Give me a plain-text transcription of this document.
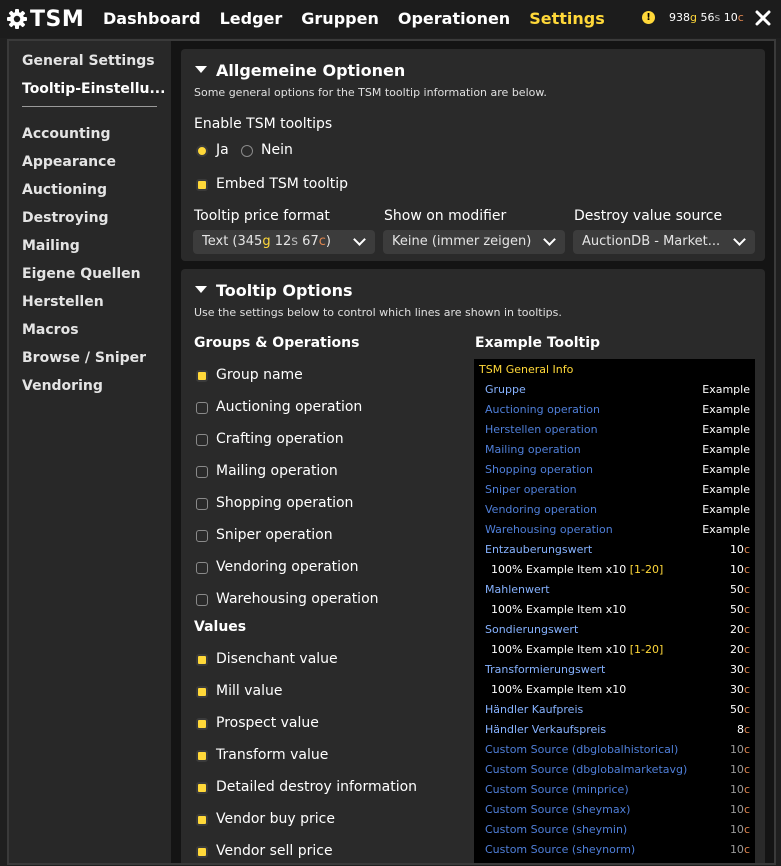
TSM Dashboard Ledger Gruppen Operationen Settings	!	938 g
56 s
10 c
General Settings
Tooltip-Einstellu...
Accounting
Appearance
Auctioning
Destroying
Mailing
Eigene Quellen
Herstellen
Macros
Browse / Sniper
Vendoring
Allgemeine Optionen
Some general options for the TSM tooltip information are below.
Enable TSM tooltips
Ja Nein
Embed TSM tooltip
Tooltip price format	Show on modifier	Destroy value source
Text (345g 12s 67c)	Keine (immer zeigen)	AuctionDB - Market...
Tooltip Options
Use the settings below to control which lines are shown in tooltips.
Groups & Operations	Example Tooltip
Group name
Auctioning operation
Crafting operation
Mailing operation
Shopping operation
Sniper operation
Vendoring operation
Warehousing operation
Values
Disenchant value
Mill value
Prospect value
Transform value
Detailed destroy information
Vendor buy price
Vendor sell price
TSM General Info
Gruppe	Example
Auctioning operation	Example
Herstellen operation	Example
Mailing operation	Example
Shopping operation	Example
Sniper operation	Example
Vendoring operation	Example
Warehousing operation	Example
Entzauberungswert	10c
100% Example Item x10 [1-20]	10c
Mahlenwert	50c
100% Example Item x10	50c
Sondierungswert	20c
100% Example Item x10 [1-20]	20c
Transformierungswert	30c
100% Example Item x10	30c
Händler Kaufpreis	50c
Händler Verkaufspreis	8c
Custom Source (dbglobalhistorical)	10c
Custom Source (dbglobalmarketavg)	10c
Custom Source (minprice)	10c
Custom Source (sheymax)	10c
Custom Source (sheymin)	10c
Custom Source (sheynorm)	10c
